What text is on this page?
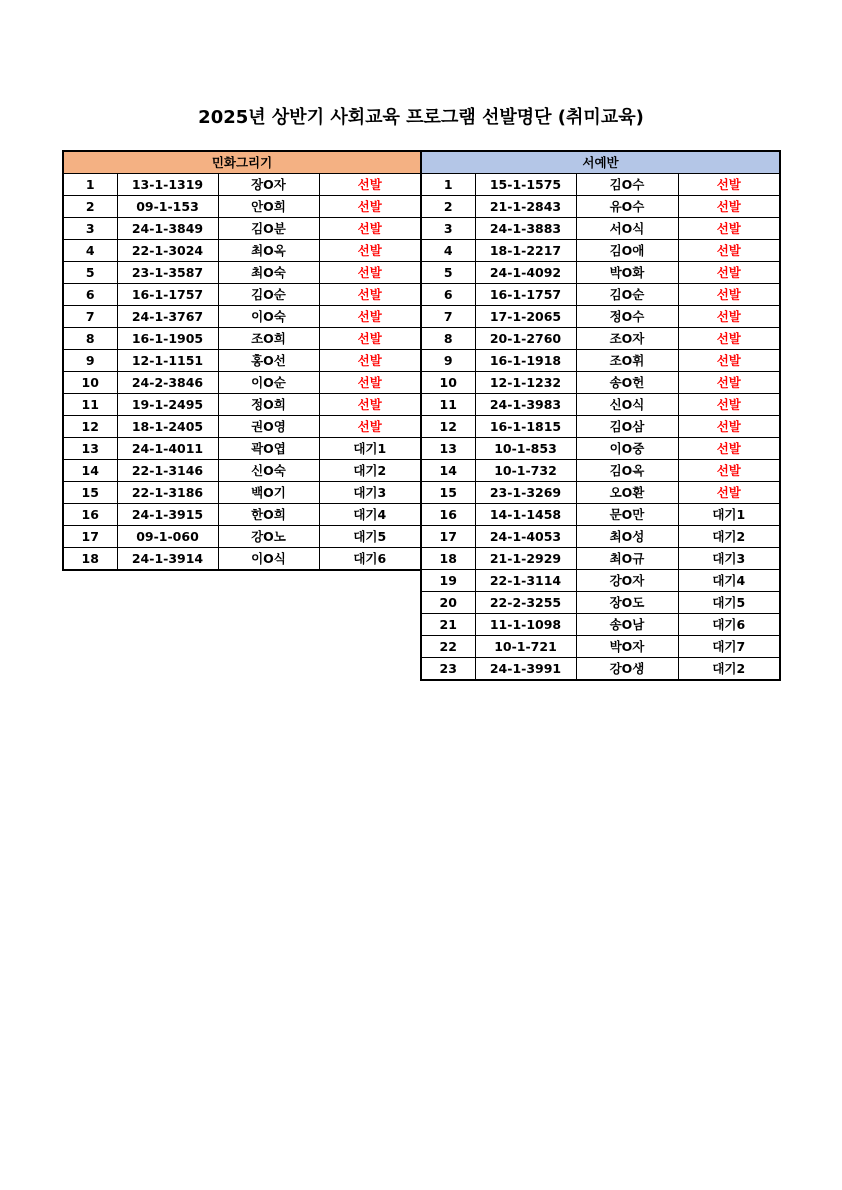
2025년 상반기 사회교육 프로그램 선발명단 (취미교육)
민화그리기			
1	13-1-1319	장O자	선발
2	09-1-153	안O희	선발
3	24-1-3849	김O분	선발
4	22-1-3024	최O옥	선발
5	23-1-3587	최O숙	선발
6	16-1-1757	김O순	선발
7	24-1-3767	이O숙	선발
8	16-1-1905	조O희	선발
9	12-1-1151	홍O선	선발
10	24-2-3846	이O순	선발
11	19-1-2495	정O희	선발
12	18-1-2405	권O영	선발
13	24-1-4011	곽O엽	대기1
14	22-1-3146	신O숙	대기2
15	22-1-3186	백O기	대기3
16	24-1-3915	한O희	대기4
17	09-1-060	강O노	대기5
18	24-1-3914	이O식	대기6
서예반			
1	15-1-1575	김O수	선발
2	21-1-2843	유O수	선발
3	24-1-3883	서O식	선발
4	18-1-2217	김O애	선발
5	24-1-4092	박O화	선발
6	16-1-1757	김O순	선발
7	17-1-2065	정O수	선발
8	20-1-2760	조O자	선발
9	16-1-1918	조O휘	선발
10	12-1-1232	송O헌	선발
11	24-1-3983	신O식	선발
12	16-1-1815	김O삼	선발
13	10-1-853	이O중	선발
14	10-1-732	김O옥	선발
15	23-1-3269	오O환	선발
16	14-1-1458	문O만	대기1
17	24-1-4053	최O성	대기2
18	21-1-2929	최O규	대기3
19	22-1-3114	강O자	대기4
20	22-2-3255	장O도	대기5
21	11-1-1098	송O남	대기6
22	10-1-721	박O자	대기7
23	24-1-3991	강O생	대기2
